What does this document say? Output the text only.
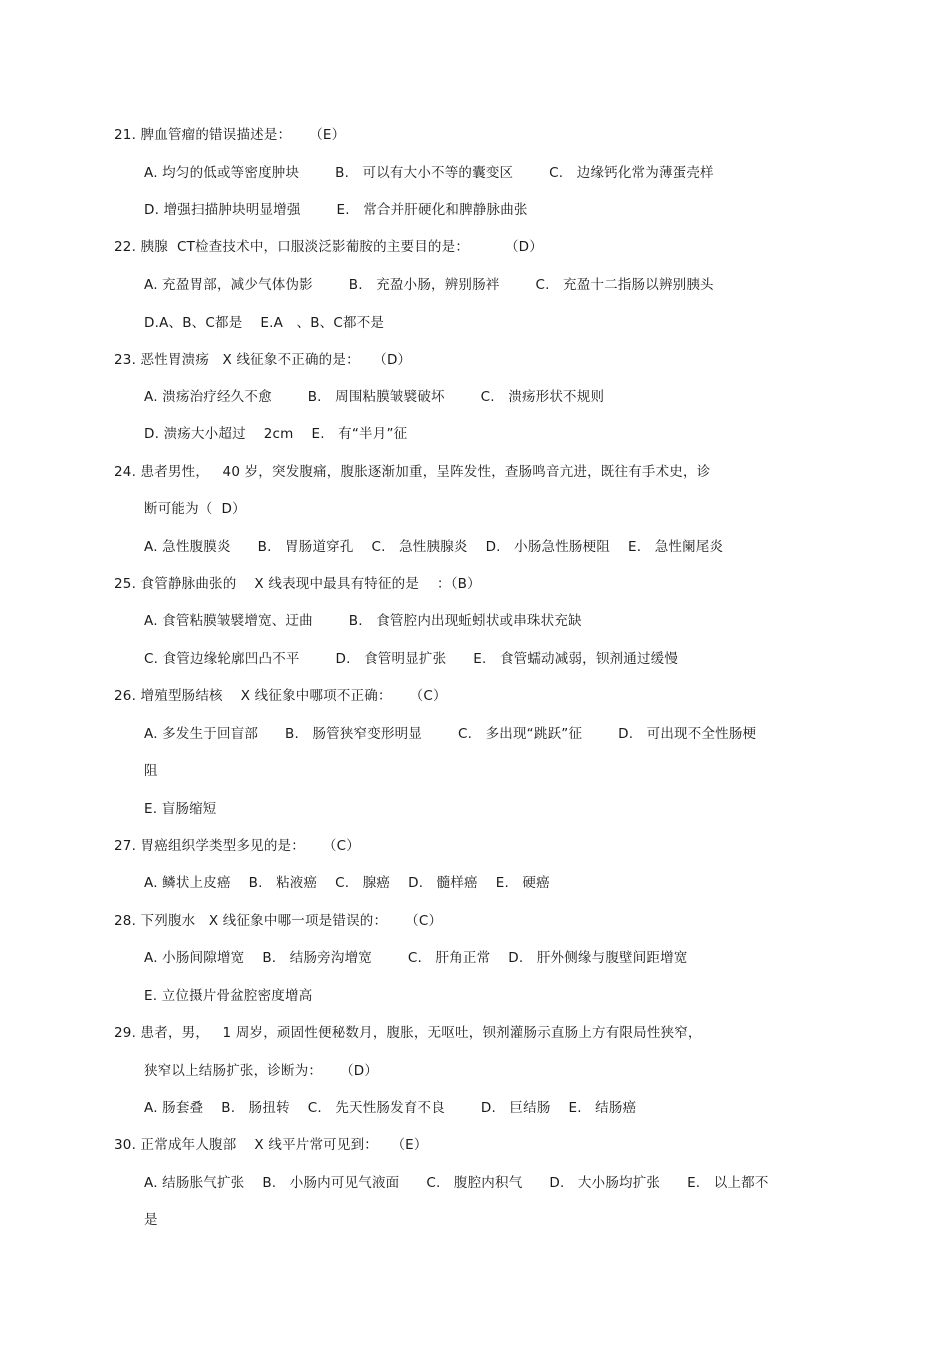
21. 脾血管瘤的错误描述是：    （E）
A. 均匀的低或等密度肿块        B.   可以有大小不等的囊变区        C.   边缘钙化常为薄蛋壳样
D. 增强扫描肿块明显增强        E.   常合并肝硬化和脾静脉曲张
22. 胰腺  CT检查技术中，口服淡泛影葡胺的主要目的是：        （D）
A. 充盈胃部，减少气体伪影        B.   充盈小肠，辨别肠袢        C.   充盈十二指肠以辨别胰头
D.A、B、C都是    E.A   、B、C都不是
23. 恶性胃溃疡   X 线征象不正确的是：   （D）
A. 溃疡治疗经久不愈        B.   周围粘膜皱襞破坏        C.   溃疡形状不规则
D. 溃疡大小超过    2cm    E.   有“半月”征
24. 患者男性，   40 岁，突发腹痛，腹胀逐渐加重，呈阵发性，查肠鸣音亢进，既往有手术史，诊
断可能为（  D）
A. 急性腹膜炎      B.   胃肠道穿孔    C.   急性胰腺炎    D.   小肠急性肠梗阻    E.   急性阑尾炎
25. 食管静脉曲张的    X 线表现中最具有特征的是    ：（B）
A. 食管粘膜皱襞增宽、迂曲        B.   食管腔内出现蚯蚓状或串珠状充缺
C. 食管边缘轮廓凹凸不平        D.   食管明显扩张      E.   食管蠕动减弱，钡剂通过缓慢
26. 增殖型肠结核    X 线征象中哪项不正确：    （C）
A. 多发生于回盲部      B.   肠管狭窄变形明显        C.   多出现“跳跃”征        D.   可出现不全性肠梗
阻
E. 盲肠缩短
27. 胃癌组织学类型多见的是：    （C）
A. 鳞状上皮癌    B.   粘液癌    C.   腺癌    D.   髓样癌    E.   硬癌
28. 下列腹水   X 线征象中哪一项是错误的：    （C）
A. 小肠间隙增宽    B.   结肠旁沟增宽        C.   肝角正常    D.   肝外侧缘与腹壁间距增宽
E. 立位摄片骨盆腔密度增高
29. 患者，男，   1 周岁，顽固性便秘数月，腹胀，无呕吐，钡剂灌肠示直肠上方有限局性狭窄，
狭窄以上结肠扩张，诊断为：    （D）
A. 肠套叠    B.   肠扭转    C.   先天性肠发育不良        D.   巨结肠    E.   结肠癌
30. 正常成年人腹部    X 线平片常可见到：   （E）
A. 结肠胀气扩张    B.   小肠内可见气液面      C.   腹腔内积气      D.   大小肠均扩张      E.   以上都不
是
